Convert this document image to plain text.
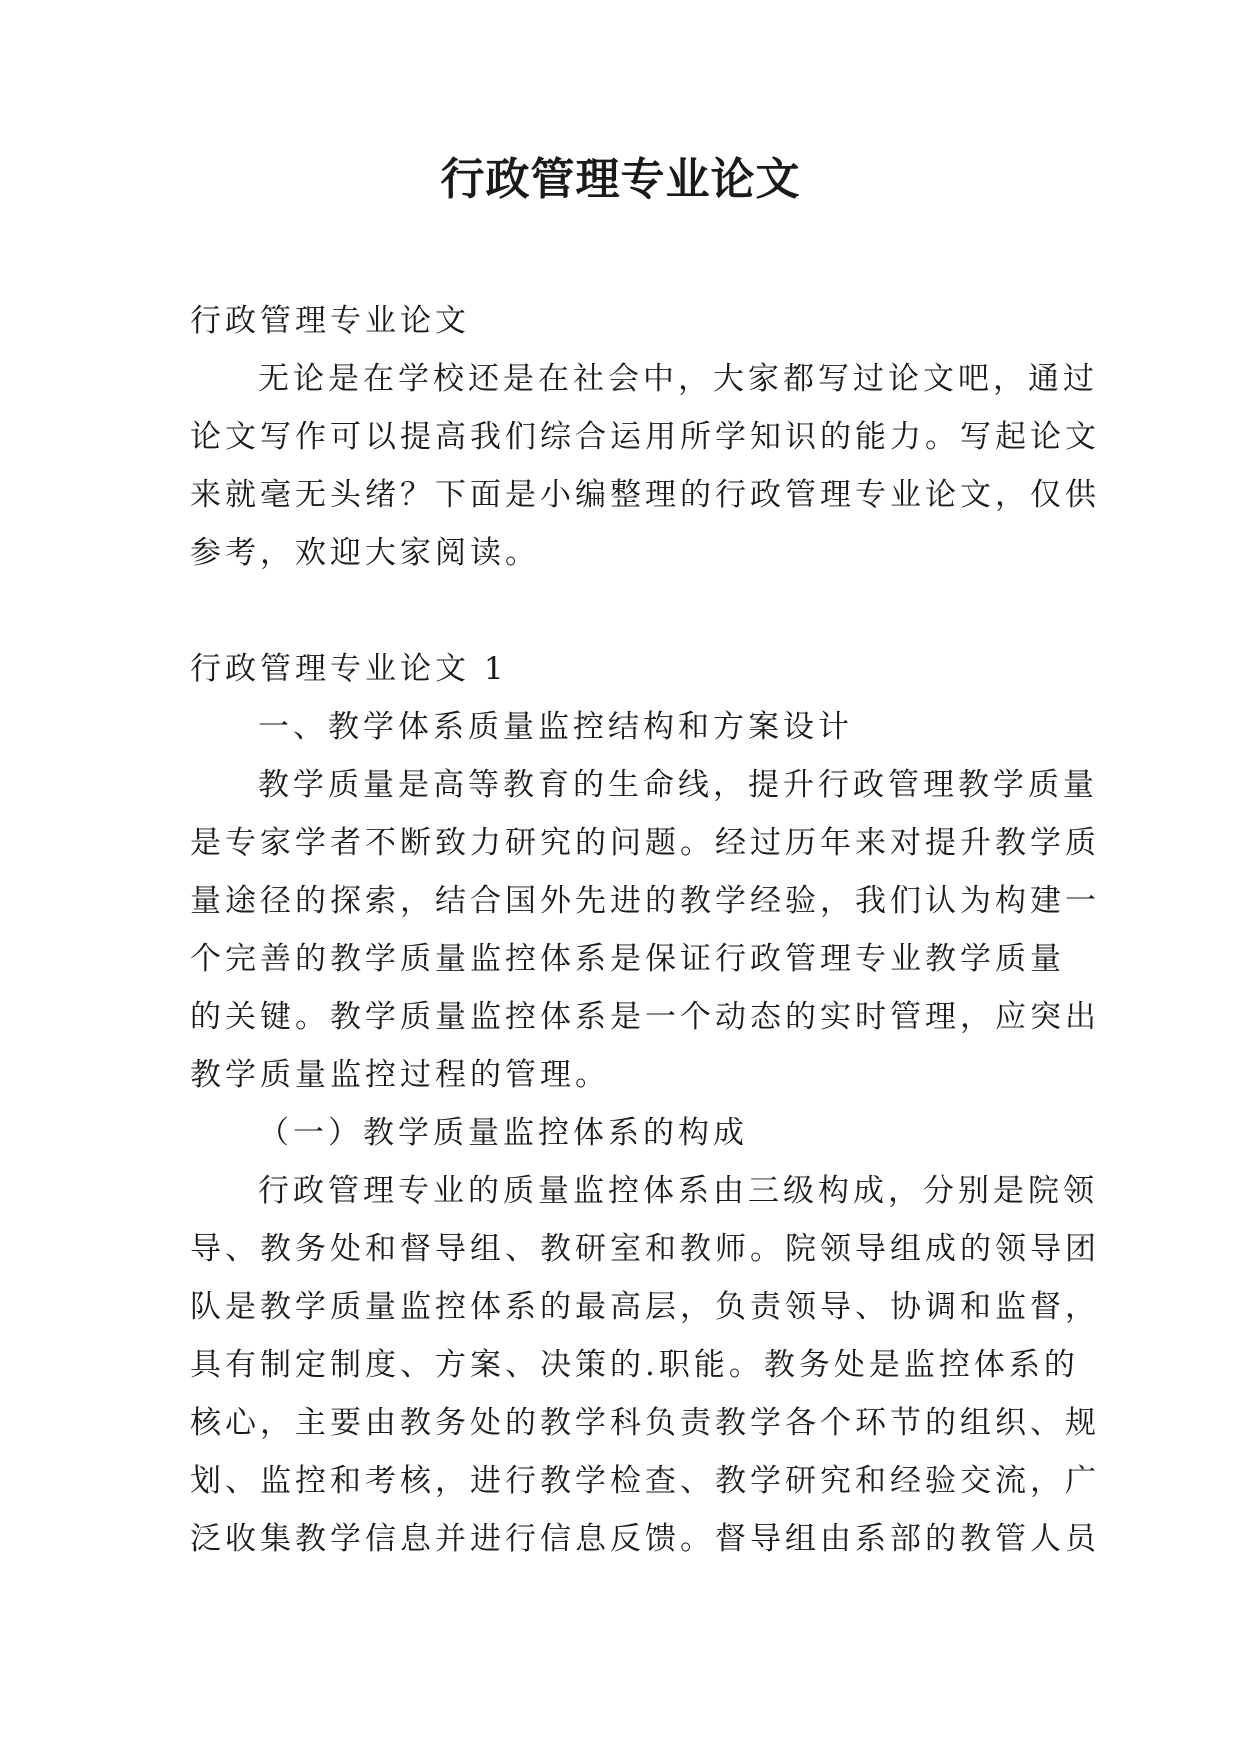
行政管理专业论文
行政管理专业论文
无论是在学校还是在社会中，大家都写过论文吧，通过
论文写作可以提高我们综合运用所学知识的能力。写起论文
来就毫无头绪？下面是小编整理的行政管理专业论文，仅供
参考，欢迎大家阅读。
行政管理专业论文 1
一、教学体系质量监控结构和方案设计
教学质量是高等教育的生命线，提升行政管理教学质量
是专家学者不断致力研究的问题。经过历年来对提升教学质
量途径的探索，结合国外先进的教学经验，我们认为构建一
个完善的教学质量监控体系是保证行政管理专业教学质量
的关键。教学质量监控体系是一个动态的实时管理，应突出
教学质量监控过程的管理。
（一）教学质量监控体系的构成
行政管理专业的质量监控体系由三级构成，分别是院领
导、教务处和督导组、教研室和教师。院领导组成的领导团
队是教学质量监控体系的最高层，负责领导、协调和监督，
具有制定制度、方案、决策的.职能。教务处是监控体系的
核心，主要由教务处的教学科负责教学各个环节的组织、规
划、监控和考核，进行教学检查、教学研究和经验交流，广
泛收集教学信息并进行信息反馈。督导组由系部的教管人员
